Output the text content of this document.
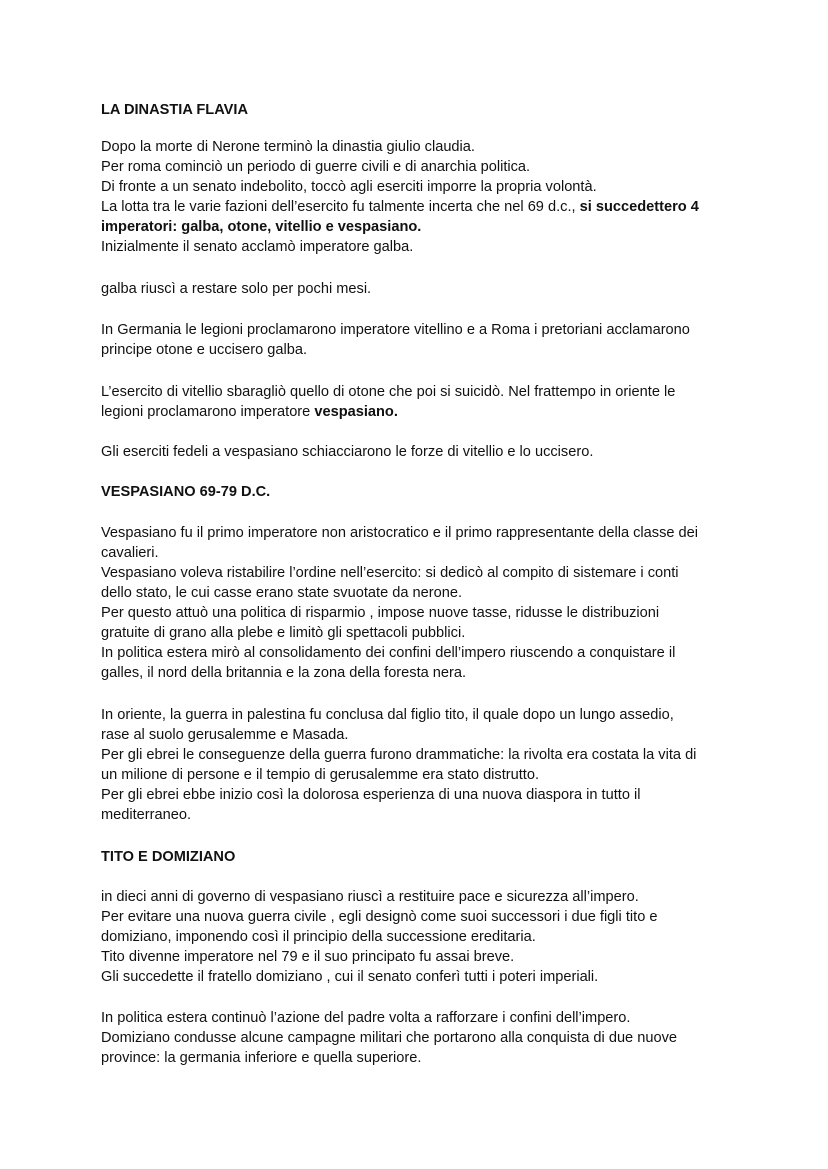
LA DINASTIA FLAVIA
Dopo la morte di Nerone terminò la dinastia giulio claudia.
Per roma cominciò un periodo di guerre civili e di anarchia politica.
Di fronte a un senato indebolito, toccò agli eserciti imporre la propria volontà.
La lotta tra le varie fazioni dell’esercito fu talmente incerta che nel 69 d.c., si succedettero 4
imperatori: galba, otone, vitellio e vespasiano.
Inizialmente il senato acclamò imperatore galba.
galba riuscì a restare solo per pochi mesi.
In Germania le legioni proclamarono imperatore vitellino e a Roma i pretoriani acclamarono
principe otone e uccisero galba.
L’esercito di vitellio sbaragliò quello di otone che poi si suicidò. Nel frattempo in oriente le
legioni proclamarono imperatore vespasiano.
Gli eserciti fedeli a vespasiano schiacciarono le forze di vitellio e lo uccisero.
VESPASIANO 69-79 D.C.
Vespasiano fu il primo imperatore non aristocratico e il primo rappresentante della classe dei
cavalieri.
Vespasiano voleva ristabilire l’ordine nell’esercito: si dedicò al compito di sistemare i conti
dello stato, le cui casse erano state svuotate da nerone.
Per questo attuò una politica di risparmio , impose nuove tasse, ridusse le distribuzioni
gratuite di grano alla plebe e limitò gli spettacoli pubblici.
In politica estera mirò al consolidamento dei confini dell’impero riuscendo a conquistare il
galles, il nord della britannia e la zona della foresta nera.
In oriente, la guerra in palestina fu conclusa dal figlio tito, il quale dopo un lungo assedio,
rase al suolo gerusalemme e Masada.
Per gli ebrei le conseguenze della guerra furono drammatiche: la rivolta era costata la vita di
un milione di persone e il tempio di gerusalemme era stato distrutto.
Per gli ebrei ebbe inizio così la dolorosa esperienza di una nuova diaspora in tutto il
mediterraneo.
TITO E DOMIZIANO
in dieci anni di governo di vespasiano riuscì a restituire pace e sicurezza all’impero.
Per evitare una nuova guerra civile , egli designò come suoi successori i due figli tito e
domiziano, imponendo così il principio della successione ereditaria.
Tito divenne imperatore nel 79 e il suo principato fu assai breve.
Gli succedette il fratello domiziano , cui il senato conferì tutti i poteri imperiali.
In politica estera continuò l’azione del padre volta a rafforzare i confini dell’impero.
Domiziano condusse alcune campagne militari che portarono alla conquista di due nuove
province: la germania inferiore e quella superiore.
